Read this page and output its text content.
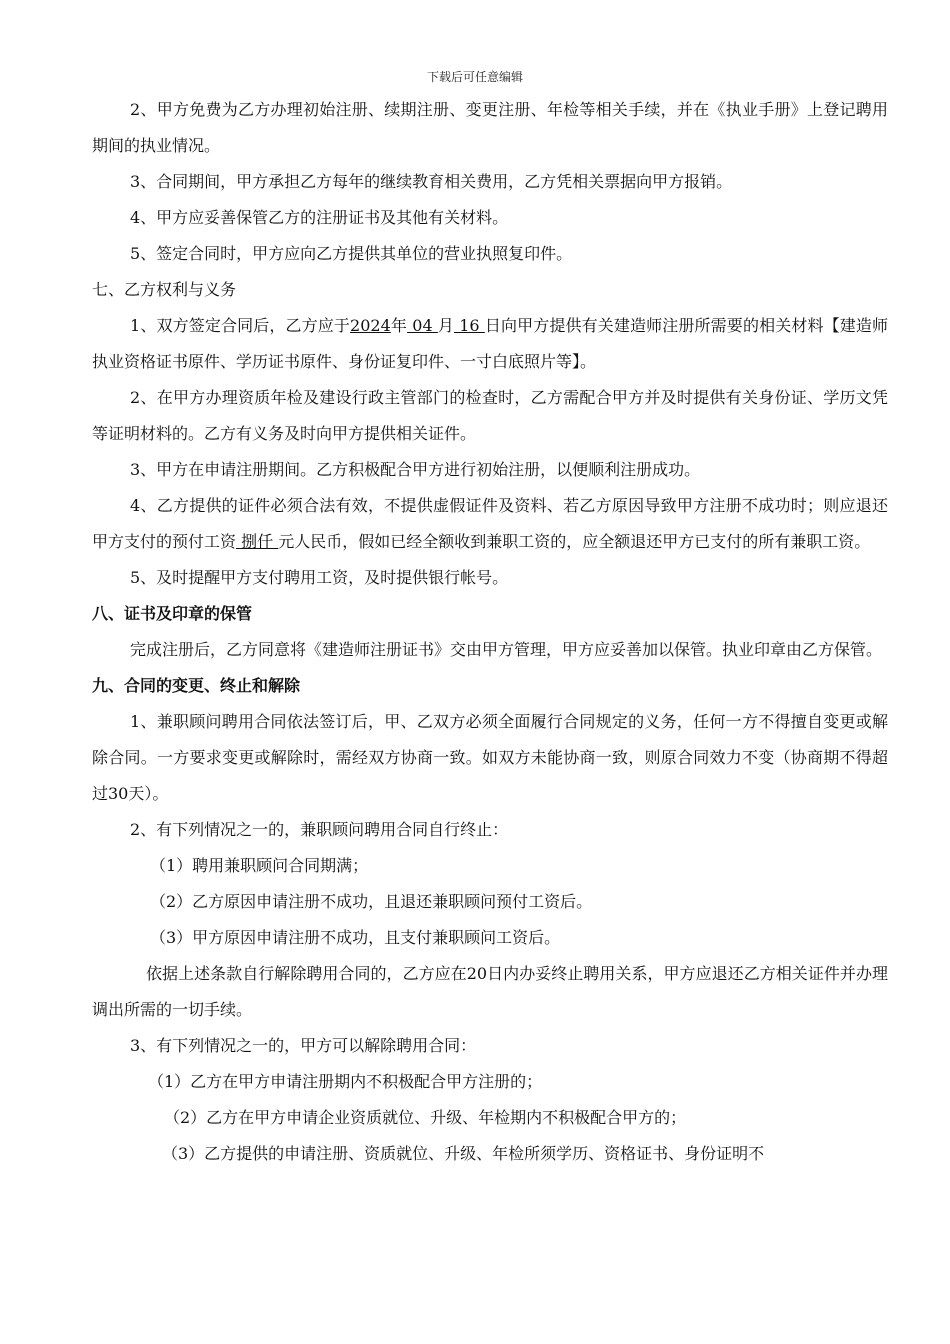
下载后可任意编辑

2、甲方免费为乙方办理初始注册、续期注册、变更注册、年检等相关手续，并在《执业手册》上登记聘用期间的执业情况。

3、合同期间，甲方承担乙方每年的继续教育相关费用，乙方凭相关票据向甲方报销。

4、甲方应妥善保管乙方的注册证书及其他有关材料。

5、签定合同时，甲方应向乙方提供其单位的营业执照复印件。

七、乙方权利与义务

1、双方签定合同后，乙方应于2024年 04 月 16 日向甲方提供有关建造师注册所需要的相关材料【建造师执业资格证书原件、学历证书原件、身份证复印件、一寸白底照片等】。

2、在甲方办理资质年检及建设行政主管部门的检查时，乙方需配合甲方并及时提供有关身份证、学历文凭等证明材料的。乙方有义务及时向甲方提供相关证件。

3、甲方在申请注册期间。乙方积极配合甲方进行初始注册，以便顺利注册成功。

4、乙方提供的证件必须合法有效，不提供虚假证件及资料、若乙方原因导致甲方注册不成功时；则应退还甲方支付的预付工资 捌仟 元人民币，假如已经全额收到兼职工资的，应全额退还甲方已支付的所有兼职工资。

5、及时提醒甲方支付聘用工资，及时提供银行帐号。

八、证书及印章的保管

完成注册后，乙方同意将《建造师注册证书》交由甲方管理，甲方应妥善加以保管。执业印章由乙方保管。

九、合同的变更、终止和解除

1、兼职顾问聘用合同依法签订后，甲、乙双方必须全面履行合同规定的义务，任何一方不得擅自变更或解除合同。一方要求变更或解除时，需经双方协商一致。如双方未能协商一致，则原合同效力不变（协商期不得超过30天）。

2、有下列情况之一的，兼职顾问聘用合同自行终止：

（1）聘用兼职顾问合同期满；

（2）乙方原因申请注册不成功，且退还兼职顾问预付工资后。

（3）甲方原因申请注册不成功，且支付兼职顾问工资后。

依据上述条款自行解除聘用合同的，乙方应在20日内办妥终止聘用关系，甲方应退还乙方相关证件并办理调出所需的一切手续。

3、有下列情况之一的，甲方可以解除聘用合同：

（1）乙方在甲方申请注册期内不积极配合甲方注册的；

（2）乙方在甲方申请企业资质就位、升级、年检期内不积极配合甲方的；

（3）乙方提供的申请注册、资质就位、升级、年检所须学历、资格证书、身份证明不
